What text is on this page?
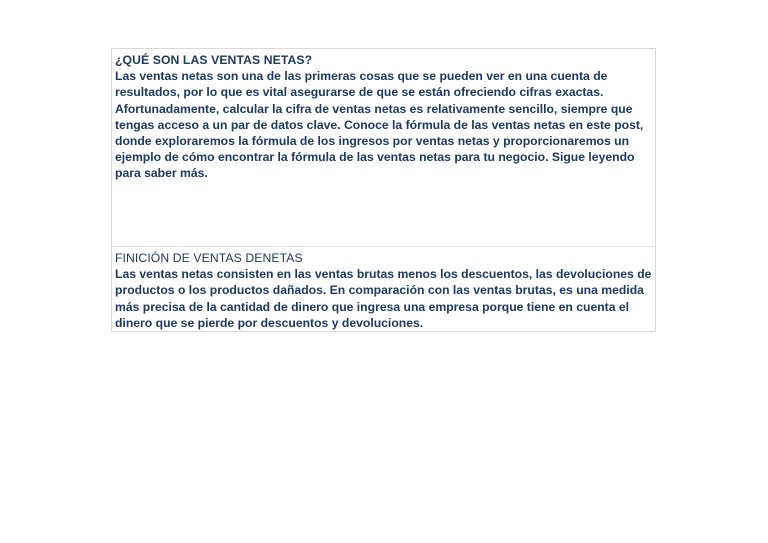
¿QUÉ SON LAS VENTAS NETAS?
Las ventas netas son una de las primeras cosas que se pueden ver en una cuenta de resultados, por lo que es vital asegurarse de que se están ofreciendo cifras exactas. Afortunadamente, calcular la cifra de ventas netas es relativamente sencillo, siempre que tengas acceso a un par de datos clave. Conoce la fórmula de las ventas netas en este post, donde exploraremos la fórmula de los ingresos por ventas netas y proporcionaremos un ejemplo de cómo encontrar la fórmula de las ventas netas para tu negocio. Sigue leyendo para saber más.
FINICIÓN DE VENTAS DENETAS
Las ventas netas consisten en las ventas brutas menos los descuentos, las devoluciones de productos o los productos dañados. En comparación con las ventas brutas, es una medida más precisa de la cantidad de dinero que ingresa una empresa porque tiene en cuenta el dinero que se pierde por descuentos y devoluciones.
